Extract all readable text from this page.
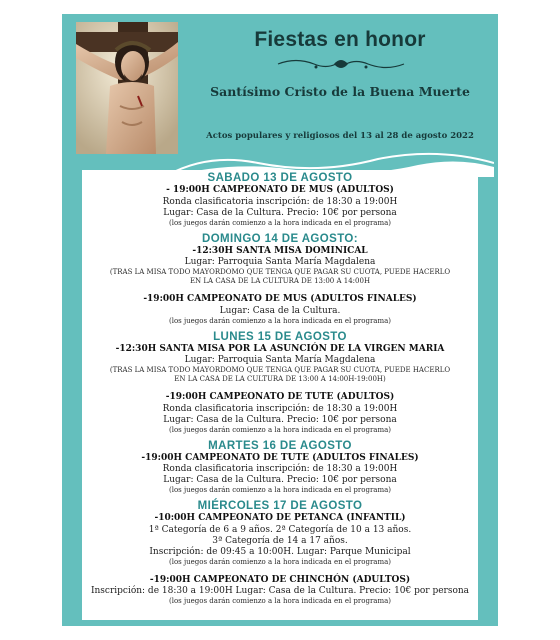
Fiestas en honor
Santísimo Cristo de la Buena Muerte
Actos populares y religiosos del 13 al 28 de agosto 2022
SABADO 13 DE AGOSTO
- 19:00H CAMPEONATO DE MUS (ADULTOS)
Ronda clasificatoria inscripción: de 18:30 a 19:00H
Lugar: Casa de la Cultura. Precio: 10€ por persona
(los juegos darán comienzo a la hora indicada en el programa)
DOMINGO 14 DE AGOSTO:
-12:30H SANTA MISA DOMINICAL
Lugar: Parroquia Santa María Magdalena
(TRAS LA MISA TODO MAYORDOMO QUE TENGA QUE PAGAR SU CUOTA, PUEDE HACERLO
EN LA CASA DE LA CULTURA DE 13:00 A 14:00H
-19:00H CAMPEONATO DE MUS (ADULTOS FINALES)
Lugar: Casa de la Cultura.
(los juegos darán comienzo a la hora indicada en el programa)
LUNES 15 DE AGOSTO
-12:30H SANTA MISA POR LA ASUNCIÓN DE LA VIRGEN MARIA
Lugar: Parroquia Santa María Magdalena
(TRAS LA MISA TODO MAYORDOMO QUE TENGA QUE PAGAR SU CUOTA, PUEDE HACERLO
EN LA CASA DE LA CULTURA DE 13:00 A 14:00H-19:00H)
-19:00H CAMPEONATO DE TUTE (ADULTOS)
Ronda clasificatoria inscripción: de 18:30 a 19:00H
Lugar: Casa de la Cultura. Precio: 10€ por persona
(los juegos darán comienzo a la hora indicada en el programa)
MARTES 16 DE AGOSTO
-19:00H CAMPEONATO DE TUTE (ADULTOS FINALES)
Ronda clasificatoria inscripción: de 18:30 a 19:00H
Lugar: Casa de la Cultura. Precio: 10€ por persona
(los juegos darán comienzo a la hora indicada en el programa)
MIÉRCOLES 17 DE AGOSTO
-10:00H CAMPEONATO DE PETANCA (INFANTIL)
1ª Categoría de 6 a 9 años. 2ª Categoría de 10 a 13 años.
3ª Categoría de 14 a 17 años.
Inscripción: de 09:45 a 10:00H. Lugar: Parque Municipal
(los juegos darán comienzo a la hora indicada en el programa)
-19:00H CAMPEONATO DE CHINCHÓN (ADULTOS)
Inscripción: de 18:30 a 19:00H Lugar: Casa de la Cultura. Precio: 10€ por persona
(los juegos darán comienzo a la hora indicada en el programa)
